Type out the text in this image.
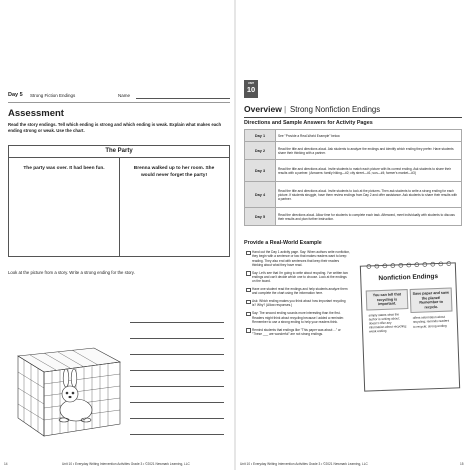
Day 5 Strong Fiction Endings	Name
Assessment
Read the story endings. Tell which ending is strong and which ending is weak. Explain what makes each ending strong or weak. Use the chart.
The Party
The party was over. It had been fun.	Brenna walked up to her room. She would never forget the party!
Look at the picture from a story. Write a strong ending for the story.
14	Unit 10 • Everyday Writing Intervention Activities Grade 3 • ©2021 Newmark Learning, LLC
UNIT
10
Overview | Strong Nonfiction Endings
Directions and Sample Answers for Activity Pages
Day 1	See "Provide a Real-World Example" below.
Day 2	Read the title and directions aloud. Ask students to analyze the endings and identify which ending they prefer. Have students share their thinking with a partner.
Day 3	Read the title and directions aloud. Invite students to match each picture with its correct ending. Ask students to share their results with a partner. (Answers: family hiking—#2; city street—#1; sun—#4; farmer's market—#3)
Day 4	Read the title and directions aloud. Invite students to look at the pictures. Then ask students to write a strong ending for each picture. If students struggle, have them review endings from Day 2 and offer assistance. Ask students to share their results with a partner.
Day 5	Read the directions aloud. Allow time for students to complete each task. Afterward, meet individually with students to discuss their results and plan further instruction.
Provide a Real-World Example
Hand out the Day 1 activity page. Say: When authors write nonfiction, they begin with a sentence or two that makes readers want to keep reading. They also end with sentences that keep their readers thinking about what they have read.
Say: Let's see that I'm going to write about recycling. I've written two endings and can't decide which one to choose. Look at the endings on the board.
Have one student read the endings and help students analyze them and complete the chart using the information here.
Ask: Which ending makes you think about how important recycling is? Why? (Allow responses.)
Say: The second ending sounds more interesting than the first. Readers might think about recycling because I added a reminder. Remember to use a strong ending to help your readers think.
Remind students that endings like "This paper was about ..." or "These ___ are wonderful" are not strong endings.
Nonfiction Endings
You can tell that recycling is important.
simply states what the author is writing about; doesn't offer any information about recycling; weak ending
Save paper and save the planet! Remember to recycle.
offers information about recycling; reminds readers to recycle; strong ending
Unit 10 • Everyday Writing Intervention Activities Grade 3 • ©2021 Newmark Learning, LLC	15
